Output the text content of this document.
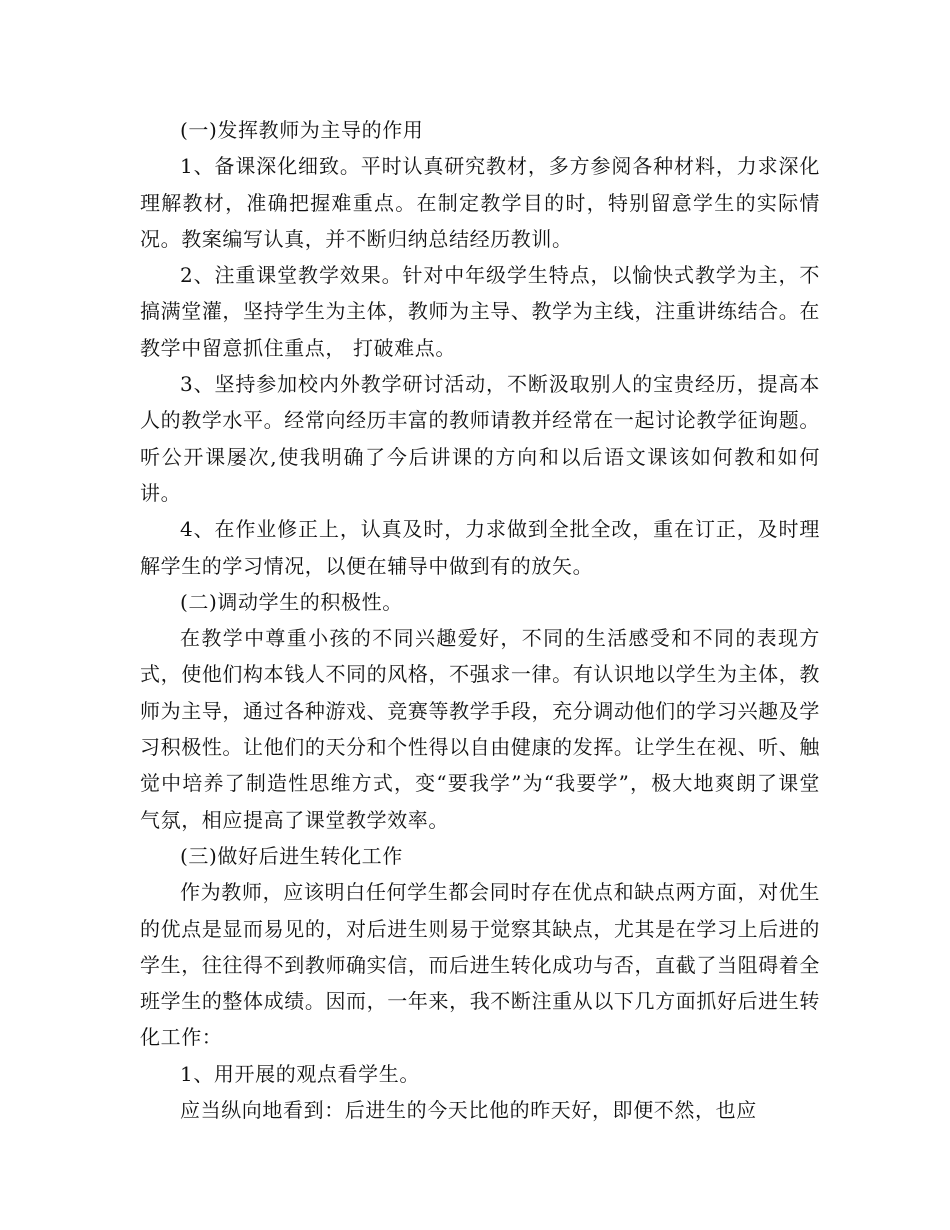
(一)发挥教师为主导的作用

1、备课深化细致。平时认真研究教材，多方参阅各种材料，力求深化理解教材，准确把握难重点。在制定教学目的时，特别留意学生的实际情况。教案编写认真，并不断归纳总结经历教训。

2、注重课堂教学效果。针对中年级学生特点，以愉快式教学为主，不搞满堂灌，坚持学生为主体，教师为主导、教学为主线，注重讲练结合。在教学中留意抓住重点， 打破难点。

3、坚持参加校内外教学研讨活动，不断汲取别人的宝贵经历，提高本人的教学水平。经常向经历丰富的教师请教并经常在一起讨论教学征询题。听公开课屡次,使我明确了今后讲课的方向和以后语文课该如何教和如何讲。

4、在作业修正上，认真及时，力求做到全批全改，重在订正，及时理解学生的学习情况，以便在辅导中做到有的放矢。

(二)调动学生的积极性。

在教学中尊重小孩的不同兴趣爱好，不同的生活感受和不同的表现方式，使他们构本钱人不同的风格，不强求一律。有认识地以学生为主体，教师为主导，通过各种游戏、竞赛等教学手段，充分调动他们的学习兴趣及学习积极性。让他们的天分和个性得以自由健康的发挥。让学生在视、听、触觉中培养了制造性思维方式，变“要我学”为“我要学”，极大地爽朗了课堂气氛，相应提高了课堂教学效率。

(三)做好后进生转化工作

作为教师，应该明白任何学生都会同时存在优点和缺点两方面，对优生的优点是显而易见的，对后进生则易于觉察其缺点，尤其是在学习上后进的学生，往往得不到教师确实信，而后进生转化成功与否，直截了当阻碍着全班学生的整体成绩。因而，一年来，我不断注重从以下几方面抓好后进生转化工作：

1、用开展的观点看学生。

应当纵向地看到：后进生的今天比他的昨天好，即便不然，也应
